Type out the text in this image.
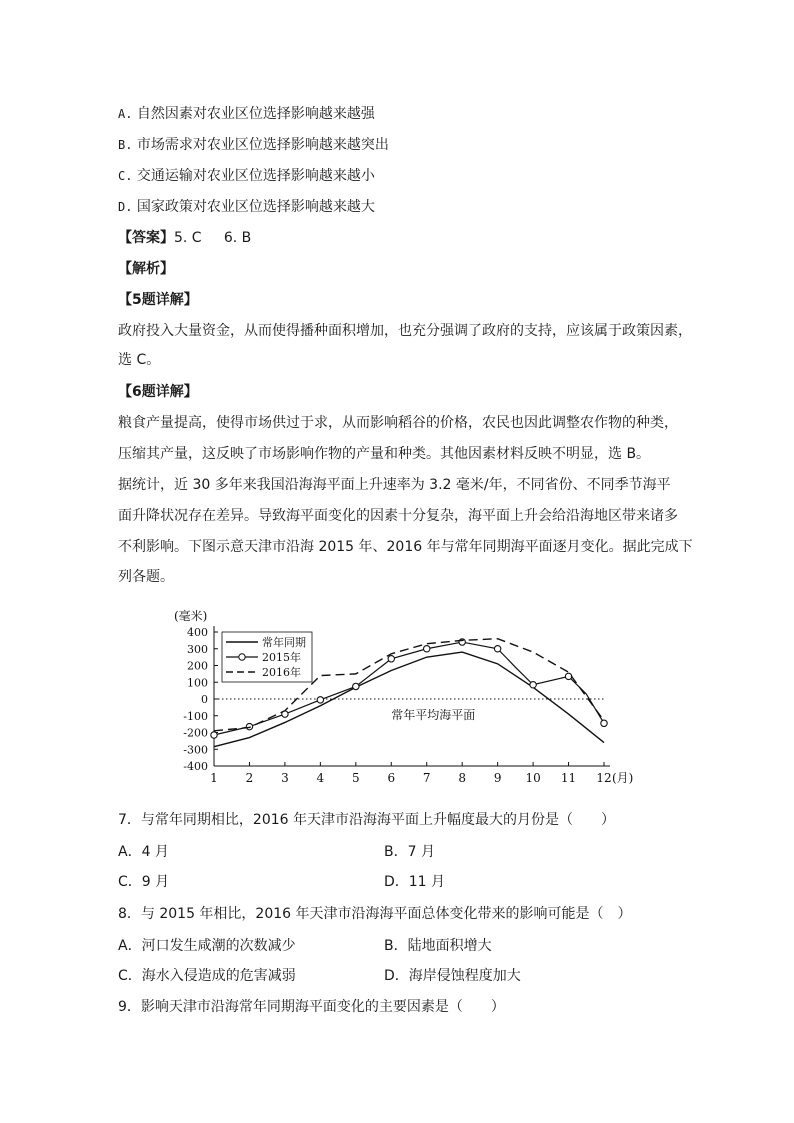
A. 自然因素对农业区位选择影响越来越强
B. 市场需求对农业区位选择影响越来越突出
C. 交通运输对农业区位选择影响越来越小
D. 国家政策对农业区位选择影响越来越大
【答案】5. C 6. B
【解析】
【5题详解】
政府投入大量资金，从而使得播种面积增加，也充分强调了政府的支持，应该属于政策因素，
选 C。
【6题详解】
粮食产量提高，使得市场供过于求，从而影响稻谷的价格，农民也因此调整农作物的种类，
压缩其产量，这反映了市场影响作物的产量和种类。其他因素材料反映不明显，选 B。
据统计，近 30 多年来我国沿海海平面上升速率为 3.2 毫米/年，不同省份、不同季节海平
面升降状况存在差异。导致海平面变化的因素十分复杂，海平面上升会给沿海地区带来诸多
不利影响。下图示意天津市沿海 2015 年、2016 年与常年同期海平面逐月变化。据此完成下
列各题。
(毫米)
400
300
200
100
0
-100
-200
-300
-400
1 2 3 4 5 6 7 8 9 10 11 12 (月)
常年平均海平面
常年同期
2015年
2016年
7．与常年同期相比，2016 年天津市沿海海平面上升幅度最大的月份是（　　）
A．4 月	B．7 月
C．9 月	D．11 月
8．与 2015 年相比，2016 年天津市沿海海平面总体变化带来的影响可能是（　）
A．河口发生咸潮的次数减少	B．陆地面积增大
C．海水入侵造成的危害减弱	D．海岸侵蚀程度加大
9．影响天津市沿海常年同期海平面变化的主要因素是（　　）
